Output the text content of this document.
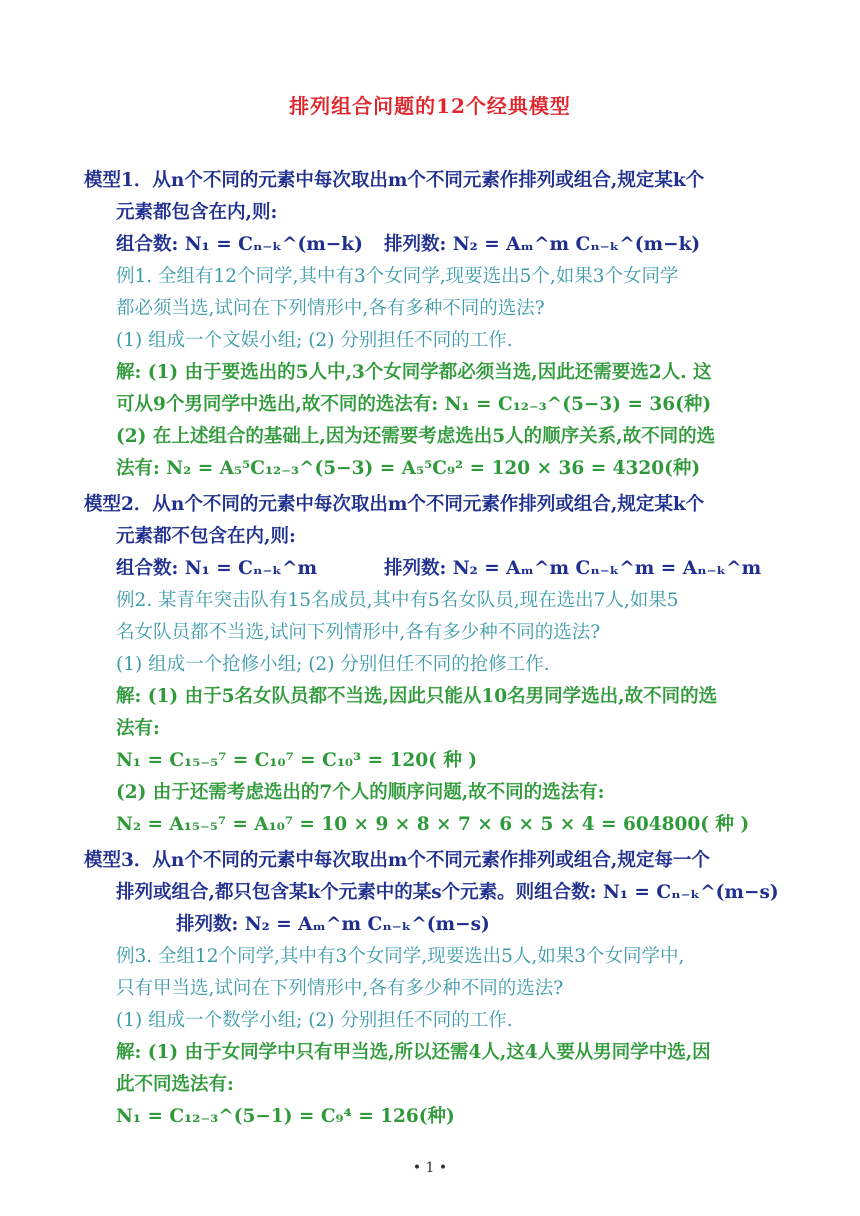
排列组合问题的12个经典模型
模型1．从n个不同的元素中每次取出m个不同元素作排列或组合,规定某k个
元素都包含在内,则:
组合数: N₁ = Cₙ₋ₖ^(m−k) 排列数: N₂ = Aₘ^m Cₙ₋ₖ^(m−k)
例1. 全组有12个同学,其中有3个女同学,现要选出5个,如果3个女同学
都必须当选,试问在下列情形中,各有多种不同的选法?
(1) 组成一个文娱小组; (2) 分别担任不同的工作.
解: (1) 由于要选出的5人中,3个女同学都必须当选,因此还需要选2人. 这
可从9个男同学中选出,故不同的选法有: N₁ = C₁₂₋₃^(5−3) = 36(种)
(2) 在上述组合的基础上,因为还需要考虑选出5人的顺序关系,故不同的选
法有: N₂ = A₅⁵C₁₂₋₃^(5−3) = A₅⁵C₉² = 120 × 36 = 4320(种)
模型2．从n个不同的元素中每次取出m个不同元素作排列或组合,规定某k个
元素都不包含在内,则:
组合数: N₁ = Cₙ₋ₖ^m	排列数: N₂ = Aₘ^m Cₙ₋ₖ^m = Aₙ₋ₖ^m
例2. 某青年突击队有15名成员,其中有5名女队员,现在选出7人,如果5
名女队员都不当选,试问下列情形中,各有多少种不同的选法?
(1) 组成一个抢修小组; (2) 分别但任不同的抢修工作.
解: (1) 由于5名女队员都不当选,因此只能从10名男同学选出,故不同的选
法有:
N₁ = C₁₅₋₅⁷ = C₁₀⁷ = C₁₀³ = 120( 种 )
(2) 由于还需考虑选出的7个人的顺序问题,故不同的选法有:
N₂ = A₁₅₋₅⁷ = A₁₀⁷ = 10 × 9 × 8 × 7 × 6 × 5 × 4 = 604800( 种 )
模型3．从n个不同的元素中每次取出m个不同元素作排列或组合,规定每一个
排列或组合,都只包含某k个元素中的某s个元素。则组合数: N₁ = Cₙ₋ₖ^(m−s)
排列数: N₂ = Aₘ^m Cₙ₋ₖ^(m−s)
例3. 全组12个同学,其中有3个女同学,现要选出5人,如果3个女同学中,
只有甲当选,试问在下列情形中,各有多少种不同的选法?
(1) 组成一个数学小组; (2) 分别担任不同的工作.
解: (1) 由于女同学中只有甲当选,所以还需4人,这4人要从男同学中选,因
此不同选法有:
N₁ = C₁₂₋₃^(5−1) = C₉⁴ = 126(种)
• 1 •
